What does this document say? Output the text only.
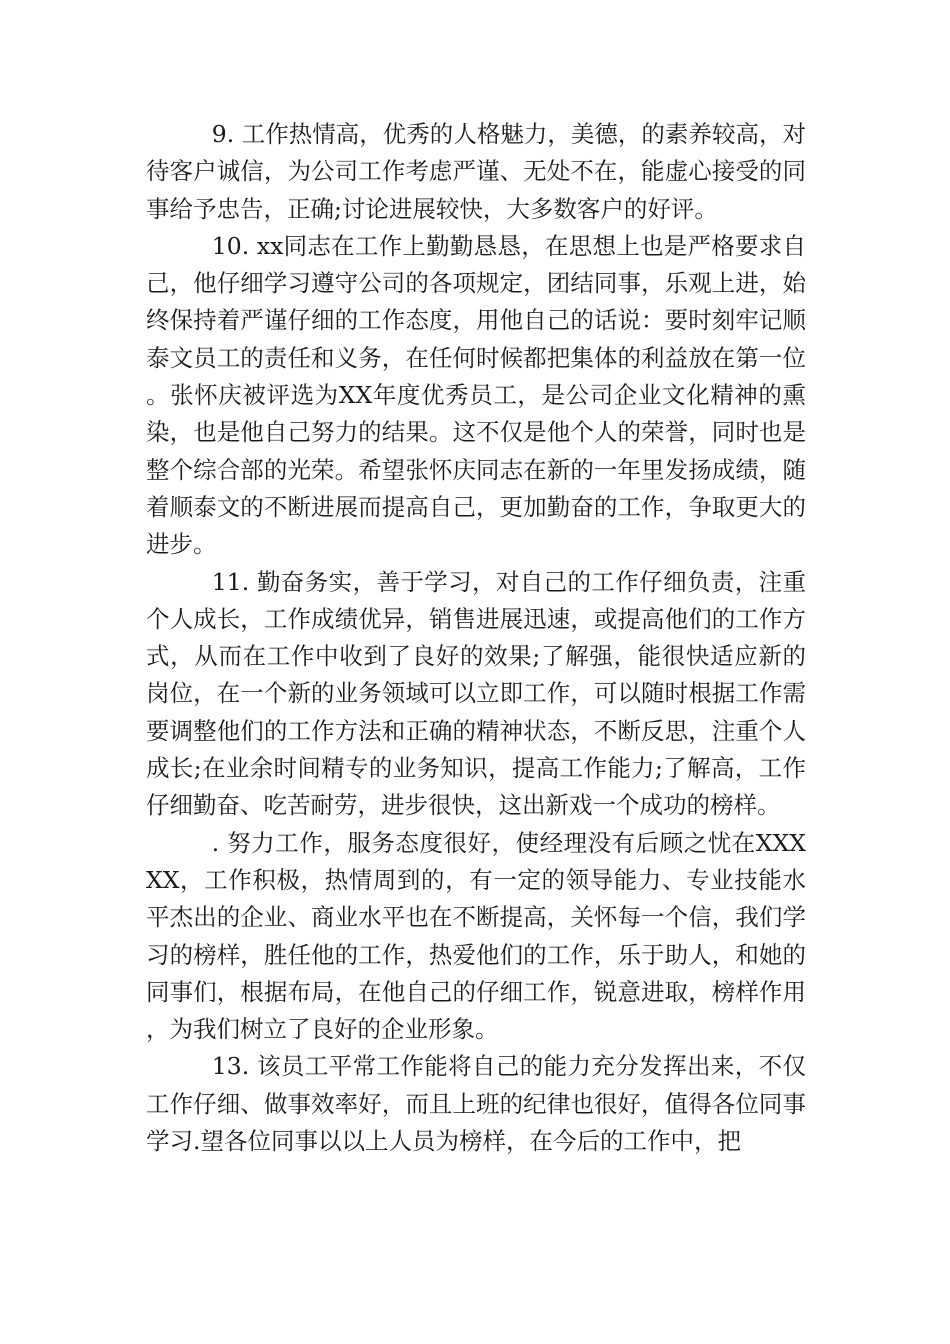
9. 工作热情高，优秀的人格魅力，美德，的素养较高，对待客户诚信，为公司工作考虑严谨、无处不在，能虚心接受的同事给予忠告，正确;讨论进展较快，大多数客户的好评。

10. xx同志在工作上勤勤恳恳，在思想上也是严格要求自己，他仔细学习遵守公司的各项规定，团结同事，乐观上进，始终保持着严谨仔细的工作态度，用他自己的话说：要时刻牢记顺泰文员工的责任和义务，在任何时候都把集体的利益放在第一位。张怀庆被评选为XX年度优秀员工，是公司企业文化精神的熏染，也是他自己努力的结果。这不仅是他个人的荣誉，同时也是整个综合部的光荣。希望张怀庆同志在新的一年里发扬成绩，随着顺泰文的不断进展而提高自己，更加勤奋的工作，争取更大的进步。

11. 勤奋务实，善于学习，对自己的工作仔细负责，注重个人成长，工作成绩优异，销售进展迅速，或提高他们的工作方式，从而在工作中收到了良好的效果;了解强，能很快适应新的岗位，在一个新的业务领域可以立即工作，可以随时根据工作需要调整他们的工作方法和正确的精神状态，不断反思，注重个人成长;在业余时间精专的业务知识，提高工作能力;了解高，工作仔细勤奋、吃苦耐劳，进步很快，这出新戏一个成功的榜样。

. 努力工作，服务态度很好，使经理没有后顾之忧在XXXXX，工作积极，热情周到的，有一定的领导能力、专业技能水平杰出的企业、商业水平也在不断提高，关怀每一个信，我们学习的榜样，胜任他的工作，热爱他们的工作，乐于助人，和她的同事们，根据布局，在他自己的仔细工作，锐意进取，榜样作用，为我们树立了良好的企业形象。

13. 该员工平常工作能将自己的能力充分发挥出来，不仅工作仔细、做事效率好，而且上班的纪律也很好，值得各位同事学习.望各位同事以以上人员为榜样，在今后的工作中，把
